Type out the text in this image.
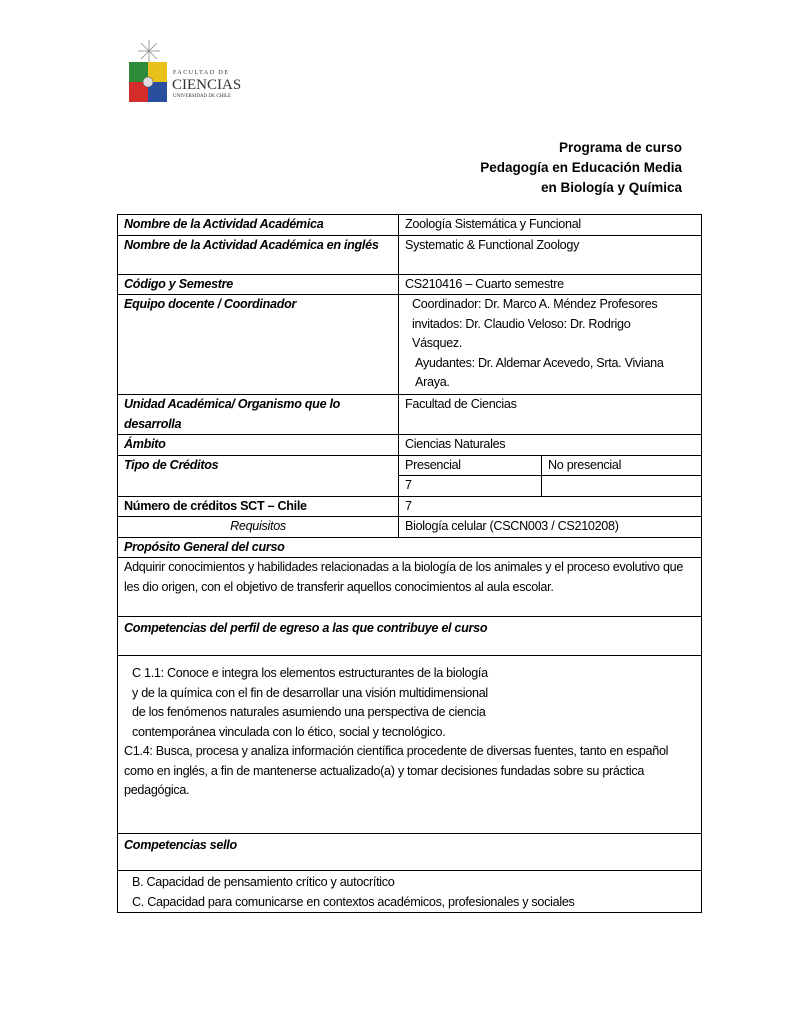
FACULTAD DE
CIENCIAS
UNIVERSIDAD DE CHILE
Programa de curso
Pedagogía en Educación Media
en Biología y Química
Nombre de la Actividad Académica	Zoología Sistemática y Funcional	
Nombre de la Actividad Académica en inglés	Systematic & Functional Zoology	
Código y Semestre	CS210416 – Cuarto semestre	
Equipo docente / Coordinador	Coordinador: Dr. Marco A. Méndez Profesores invitados: Dr. Claudio Veloso: Dr. Rodrigo Vásquez.
Ayudantes: Dr. Aldemar Acevedo, Srta. Viviana Araya.	

Unidad Académica/ Organismo que lo desarrolla	Facultad de Ciencias	
Ámbito	Ciencias Naturales	
Tipo de Créditos	Presencial	No presencial
	7	
Número de créditos SCT – Chile	7	
Requisitos	Biología celular (CSCN003 / CS210208)	
Propósito General del curso		
Adquirir conocimientos y habilidades relacionadas a la biología de los animales y el proceso evolutivo que les dio origen, con el objetivo de transferir aquellos conocimientos al aula escolar.		
Competencias del perfil de egreso a las que contribuye el curso		

C 1.1: Conoce e integra los elementos estructurantes de la biología y de la química con el fin de desarrollar una visión multidimensional de los fenómenos naturales asumiendo una perspectiva de ciencia contemporánea vinculada con lo ético, social y tecnológico.
C1.4: Busca, procesa y analiza información científica procedente de diversas fuentes, tanto en español como en inglés, a fin de mantenerse actualizado(a) y tomar decisiones fundadas sobre su práctica pedagógica.		

Competencias sello		

B. Capacidad de pensamiento crítico y autocrítico
C. Capacidad para comunicarse en contextos académicos, profesionales y sociales		
